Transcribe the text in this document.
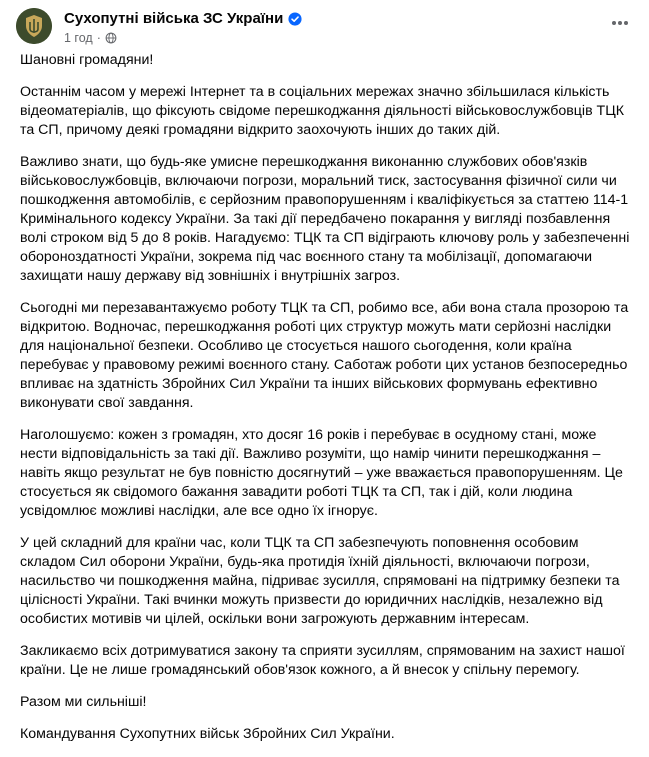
Сухопутні війська ЗС України
1 год ·

Шановні громадяни!

Останнім часом у мережі Інтернет та в соціальних мережах значно збільшилася кількість відеоматеріалів, що фіксують свідоме перешкоджання діяльності військовослужбовців ТЦК та СП, причому деякі громадяни відкрито заохочують інших до таких дій.

Важливо знати, що будь-яке умисне перешкоджання виконанню службових обов'язків військовослужбовців, включаючи погрози, моральний тиск, застосування фізичної сили чи пошкодження автомобілів, є серйозним правопорушенням і кваліфікується за статтею 114-1 Кримінального кодексу України. За такі дії передбачено покарання у вигляді позбавлення волі строком від 5 до 8 років. Нагадуємо: ТЦК та СП відіграють ключову роль у забезпеченні обороноздатності України, зокрема під час воєнного стану та мобілізації, допомагаючи захищати нашу державу від зовнішніх і внутрішніх загроз.

Сьогодні ми перезавантажуємо роботу ТЦК та СП, робимо все, аби вона стала прозорою та відкритою. Водночас, перешкоджання роботі цих структур можуть мати серйозні наслідки для національної безпеки. Особливо це стосується нашого сьогодення, коли країна перебуває у правовому режимі воєнного стану. Саботаж роботи цих установ безпосередньо впливає на здатність Збройних Сил України та інших військових формувань ефективно виконувати свої завдання.

Наголошуємо: кожен з громадян, хто досяг 16 років і перебуває в осудному стані, може нести відповідальність за такі дії. Важливо розуміти, що намір чинити перешкоджання – навіть якщо результат не був повністю досягнутий – уже вважається правопорушенням. Це стосується як свідомого бажання завадити роботі ТЦК та СП, так і дій, коли людина усвідомлює можливі наслідки, але все одно їх ігнорує.

У цей складний для країни час, коли ТЦК та СП забезпечують поповнення особовим складом Сил оборони України, будь-яка протидія їхній діяльності, включаючи погрози, насильство чи пошкодження майна, підриває зусилля, спрямовані на підтримку безпеки та цілісності України. Такі вчинки можуть призвести до юридичних наслідків, незалежно від особистих мотивів чи цілей, оскільки вони загрожують державним інтересам.

Закликаємо всіх дотримуватися закону та сприяти зусиллям, спрямованим на захист нашої країни. Це не лише громадянський обов'язок кожного, а й внесок у спільну перемогу.

Разом ми сильніші!

Командування Сухопутних військ Збройних Сил України.
